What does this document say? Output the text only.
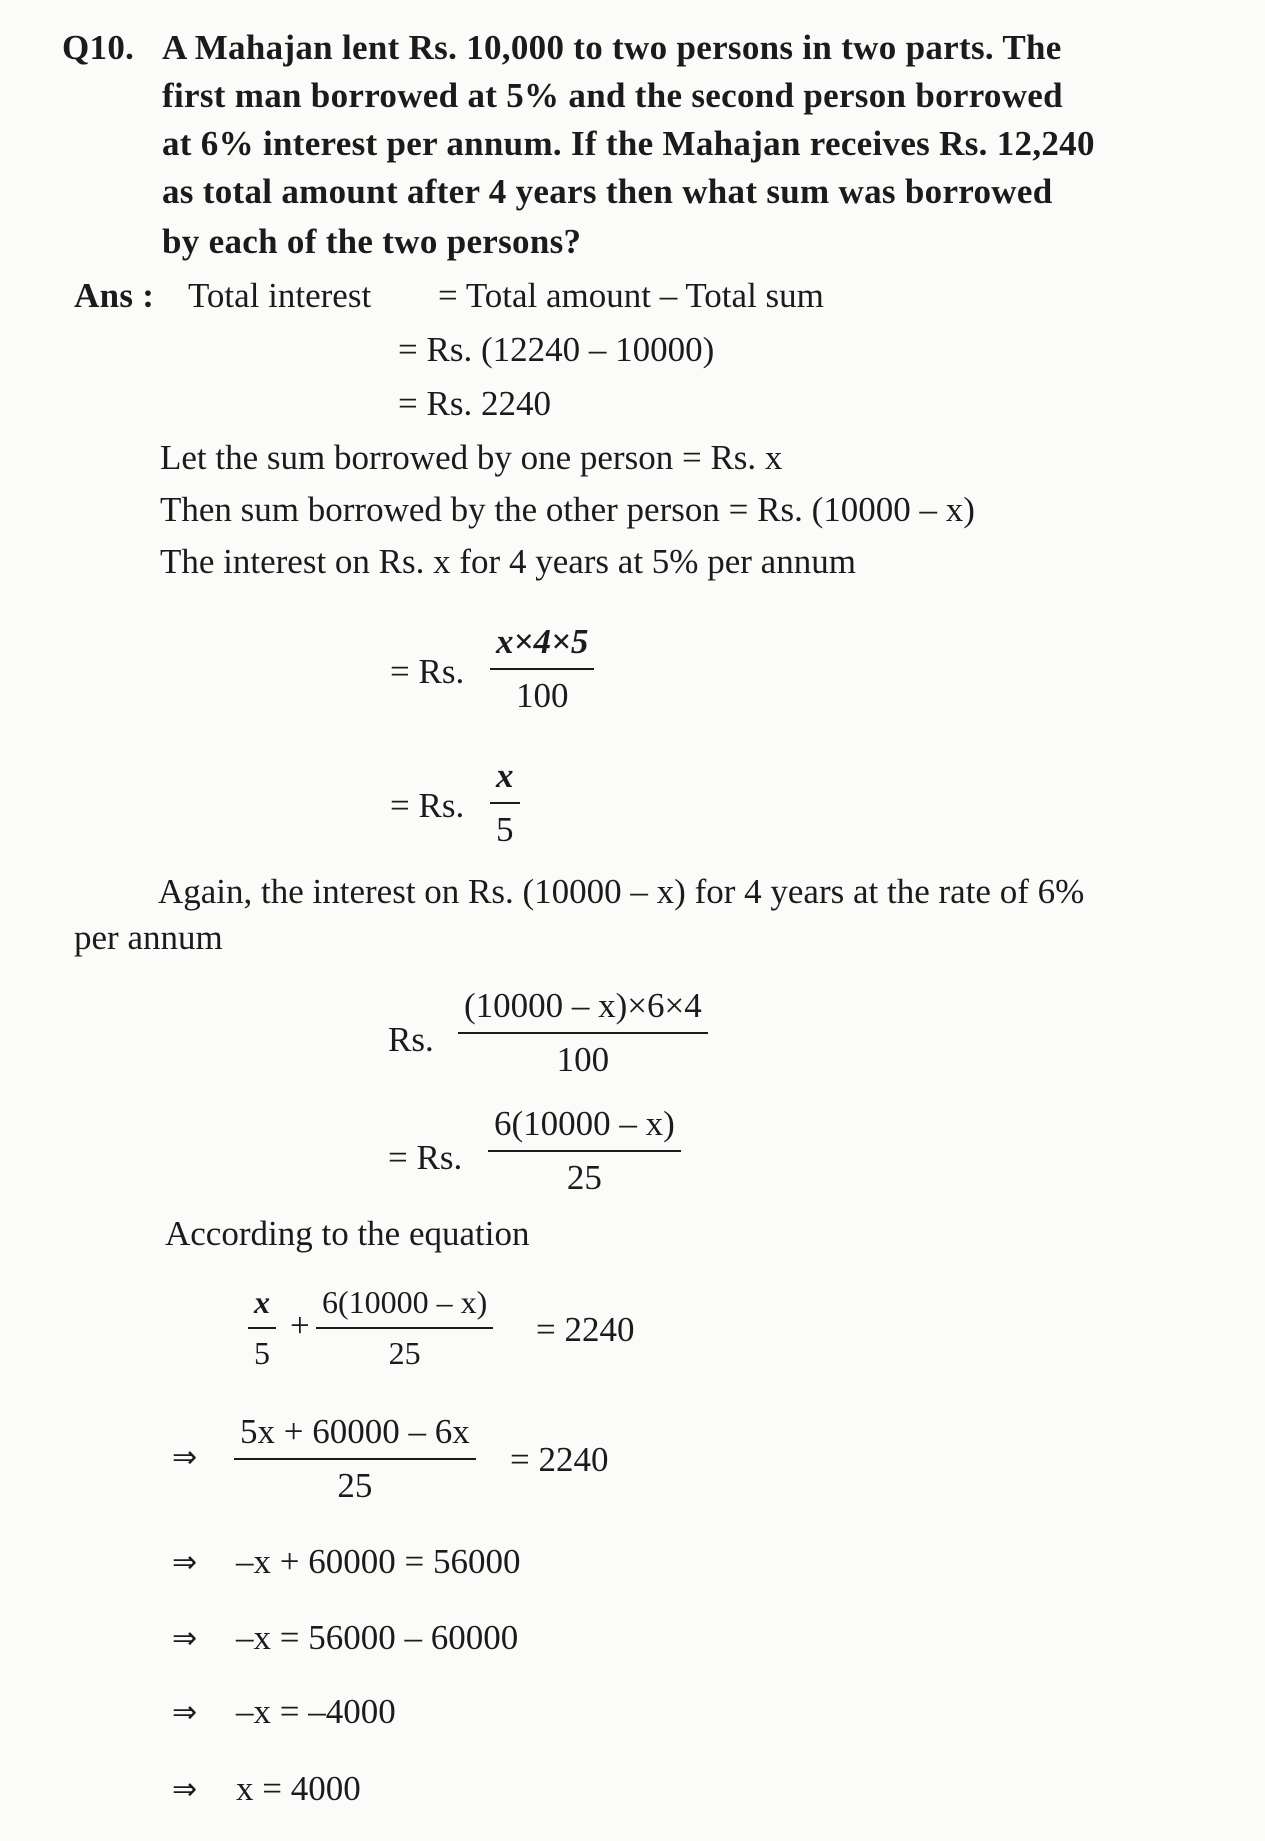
Q10. A Mahajan lent Rs. 10,000 to two persons in two parts. The
first man borrowed at 5% and the second person borrowed
at 6% interest per annum. If the Mahajan receives Rs. 12,240
as total amount after 4 years then what sum was borrowed
by each of the two persons?
Ans : Total interest = Total amount – Total sum
= Rs. (12240 – 10000)
= Rs. 2240
Let the sum borrowed by one person = Rs. x
Then sum borrowed by the other person = Rs. (10000 – x)
The interest on Rs. x for 4 years at 5% per annum
= Rs.
x×4×5
100
= Rs.
x
5
Again, the interest on Rs. (10000 – x) for 4 years at the rate of 6%
per annum
Rs.
(10000 – x)×6×4
100
= Rs.
6(10000 – x)
25
According to the equation
x
5
+
6(10000 – x)
25
= 2240
⇒
5x + 60000 – 6x
25
= 2240
⇒ –x + 60000 = 56000
⇒ –x = 56000 – 60000
⇒ –x = –4000
⇒ x = 4000
